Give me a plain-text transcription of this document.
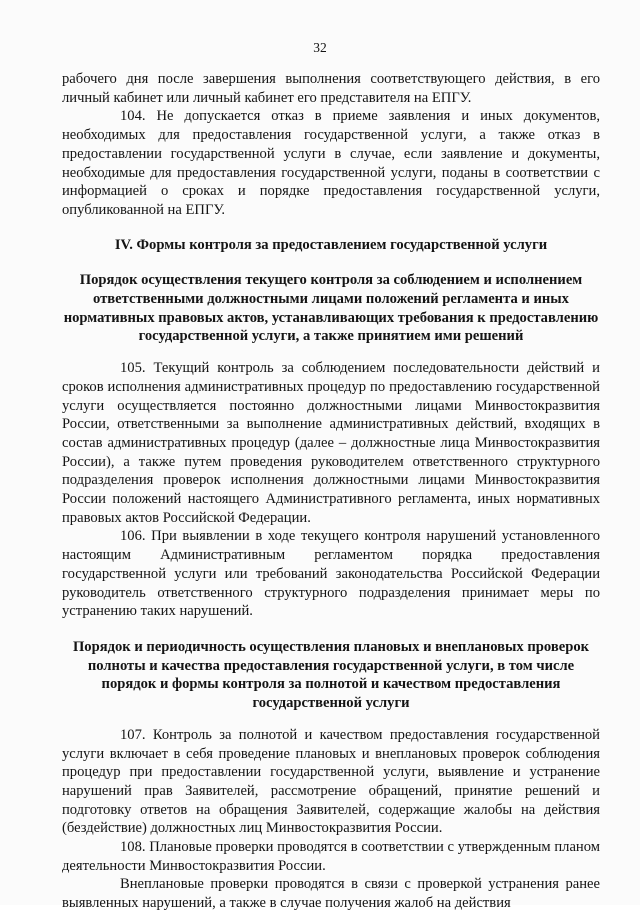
32

рабочего дня после завершения выполнения соответствующего действия, в его личный кабинет или личный кабинет его представителя на ЕПГУ.

104. Не допускается отказ в приеме заявления и иных документов, необходимых для предоставления государственной услуги, а также отказ в предоставлении государственной услуги в случае, если заявление и документы, необходимые для предоставления государственной услуги, поданы в соответствии с информацией о сроках и порядке предоставления государственной услуги, опубликованной на ЕПГУ.

IV. Формы контроля за предоставлением государственной услуги
Порядок осуществления текущего контроля за соблюдением и исполнением ответственными должностными лицами положений регламента и иных нормативных правовых актов, устанавливающих требования к предоставлению государственной услуги, а также принятием ими решений

105. Текущий контроль за соблюдением последовательности действий и сроков исполнения административных процедур по предоставлению государственной услуги осуществляется постоянно должностными лицами Минвостокразвития России, ответственными за выполнение административных действий, входящих в состав административных процедур (далее – должностные лица Минвостокразвития России), а также путем проведения руководителем ответственного структурного подразделения проверок исполнения должностными лицами Минвостокразвития России положений настоящего Административного регламента, иных нормативных правовых актов Российской Федерации.

106. При выявлении в ходе текущего контроля нарушений установленного настоящим Административным регламентом порядка предоставления государственной услуги или требований законодательства Российской Федерации руководитель ответственного структурного подразделения принимает меры по устранению таких нарушений.

Порядок и периодичность осуществления плановых и внеплановых проверок полноты и качества предоставления государственной услуги, в том числе порядок и формы контроля за полнотой и качеством предоставления государственной услуги

107. Контроль за полнотой и качеством предоставления государственной услуги включает в себя проведение плановых и внеплановых проверок соблюдения процедур при предоставлении государственной услуги, выявление и устранение нарушений прав Заявителей, рассмотрение обращений, принятие решений и подготовку ответов на обращения Заявителей, содержащие жалобы на действия (бездействие) должностных лиц Минвостокразвития России.

108. Плановые проверки проводятся в соответствии с утвержденным планом деятельности Минвостокразвития России.

Внеплановые проверки проводятся в связи с проверкой устранения ранее выявленных нарушений, а также в случае получения жалоб на действия
